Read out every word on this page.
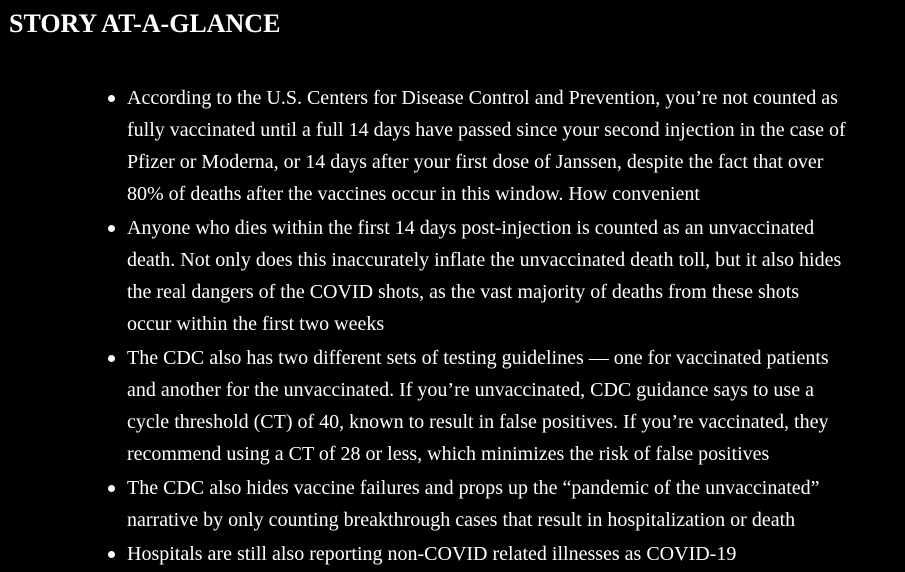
STORY AT-A-GLANCE
According to the U.S. Centers for Disease Control and Prevention, you’re not counted as
fully vaccinated until a full 14 days have passed since your second injection in the case of
Pfizer or Moderna, or 14 days after your first dose of Janssen, despite the fact that over
80% of deaths after the vaccines occur in this window. How convenient
Anyone who dies within the first 14 days post-injection is counted as an unvaccinated
death. Not only does this inaccurately inflate the unvaccinated death toll, but it also hides
the real dangers of the COVID shots, as the vast majority of deaths from these shots
occur within the first two weeks
The CDC also has two different sets of testing guidelines — one for vaccinated patients
and another for the unvaccinated. If you’re unvaccinated, CDC guidance says to use a
cycle threshold (CT) of 40, known to result in false positives. If you’re vaccinated, they
recommend using a CT of 28 or less, which minimizes the risk of false positives
The CDC also hides vaccine failures and props up the “pandemic of the unvaccinated”
narrative by only counting breakthrough cases that result in hospitalization or death
Hospitals are still also reporting non-COVID related illnesses as COVID-19
